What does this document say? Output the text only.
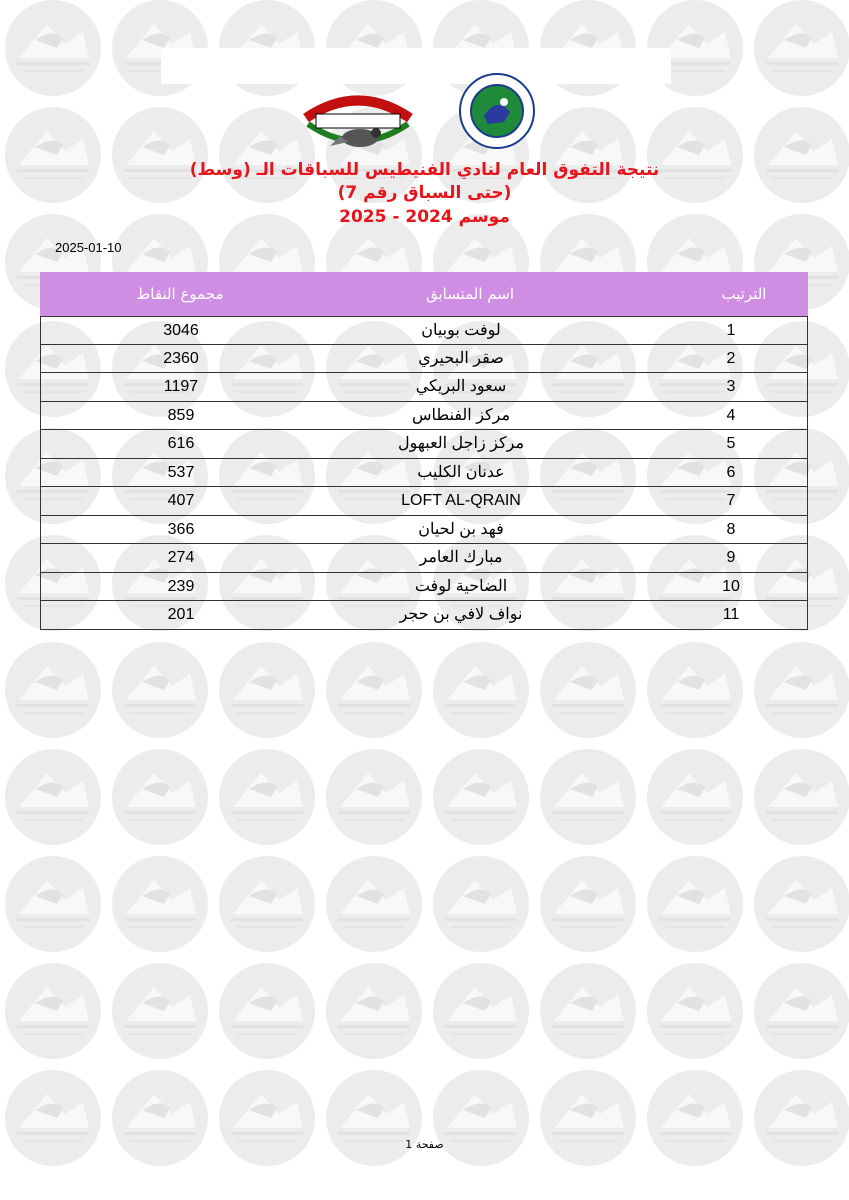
نتيجة التفوق العام لنادي الفنيطيس للسباقات الـ (وسط)
(حتى السباق رقم 7)
موسم 2024 - 2025
2025-01-10
الترتيب
اسم المتسابق
مجموع النقاط
1
لوفت بوبيان
3046
2
صقر البحيري
2360
3
سعود البريكي
1197
4
مركز الفنطاس
859
5
مركز زاجل العبهول
616
6
عدنان الكليب
537
7
LOFT AL-QRAIN
407
8
فهد بن لحيان
366
9
مبارك العامر
274
10
الضاحية لوفت
239
11
نواف لافي بن حجر
201
صفحة 1
